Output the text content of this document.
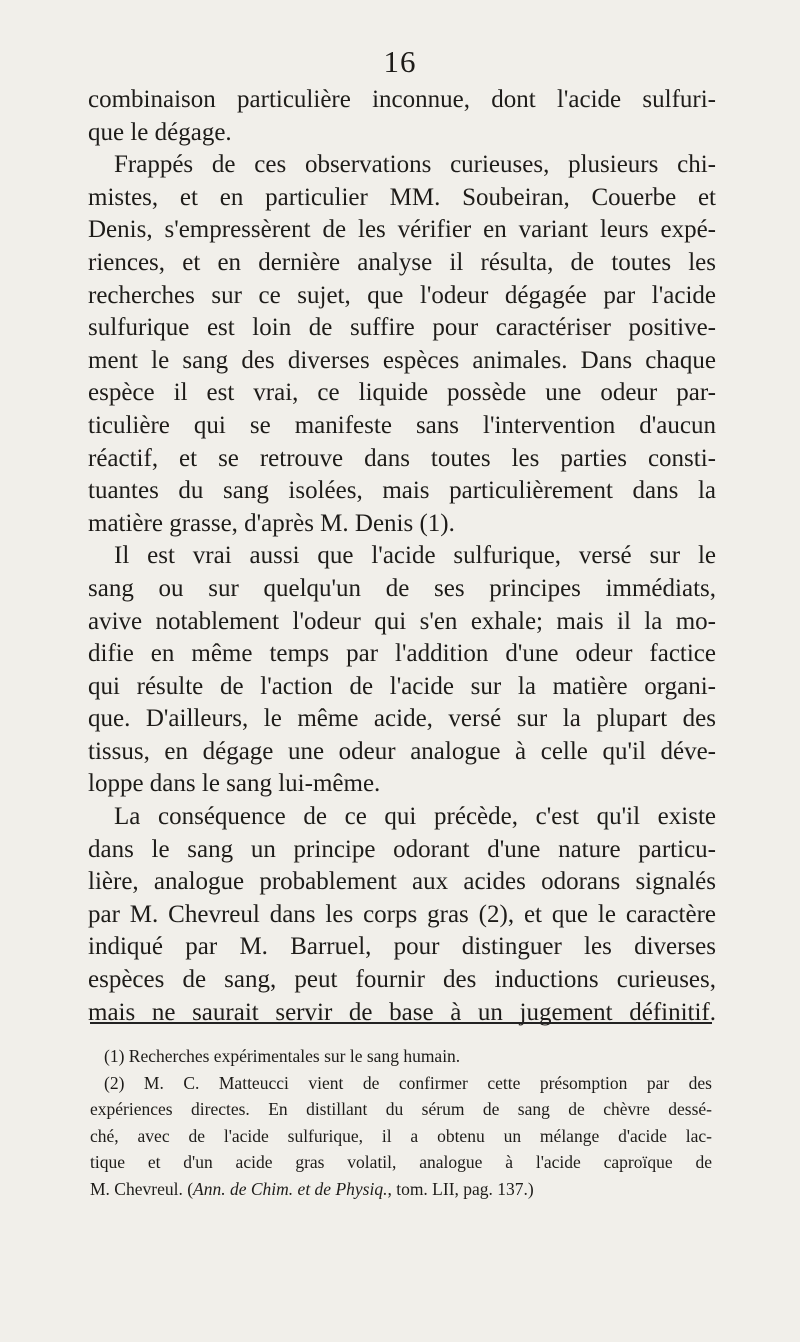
16
combinaison particulière inconnue, dont l'acide sulfuri-
que le dégage.
Frappés de ces observations curieuses, plusieurs chi-
mistes, et en particulier MM. Soubeiran, Couerbe et
Denis, s'empressèrent de les vérifier en variant leurs expé-
riences, et en dernière analyse il résulta, de toutes les
recherches sur ce sujet, que l'odeur dégagée par l'acide
sulfurique est loin de suffire pour caractériser positive-
ment le sang des diverses espèces animales. Dans chaque
espèce il est vrai, ce liquide possède une odeur par-
ticulière qui se manifeste sans l'intervention d'aucun
réactif, et se retrouve dans toutes les parties consti-
tuantes du sang isolées, mais particulièrement dans la
matière grasse, d'après M. Denis (1).
Il est vrai aussi que l'acide sulfurique, versé sur le
sang ou sur quelqu'un de ses principes immédiats,
avive notablement l'odeur qui s'en exhale; mais il la mo-
difie en même temps par l'addition d'une odeur factice
qui résulte de l'action de l'acide sur la matière organi-
que. D'ailleurs, le même acide, versé sur la plupart des
tissus, en dégage une odeur analogue à celle qu'il déve-
loppe dans le sang lui-même.
La conséquence de ce qui précède, c'est qu'il existe
dans le sang un principe odorant d'une nature particu-
lière, analogue probablement aux acides odorans signalés
par M. Chevreul dans les corps gras (2), et que le caractère
indiqué par M. Barruel, pour distinguer les diverses
espèces de sang, peut fournir des inductions curieuses,
mais ne saurait servir de base à un jugement définitif.
(1) Recherches expérimentales sur le sang humain.
(2) M. C. Matteucci vient de confirmer cette présomption par des
expériences directes. En distillant du sérum de sang de chèvre dessé-
ché, avec de l'acide sulfurique, il a obtenu un mélange d'acide lac-
tique et d'un acide gras volatil, analogue à l'acide caproïque de
M. Chevreul. (Ann. de Chim. et de Physiq., tom. LII, pag. 137.)
